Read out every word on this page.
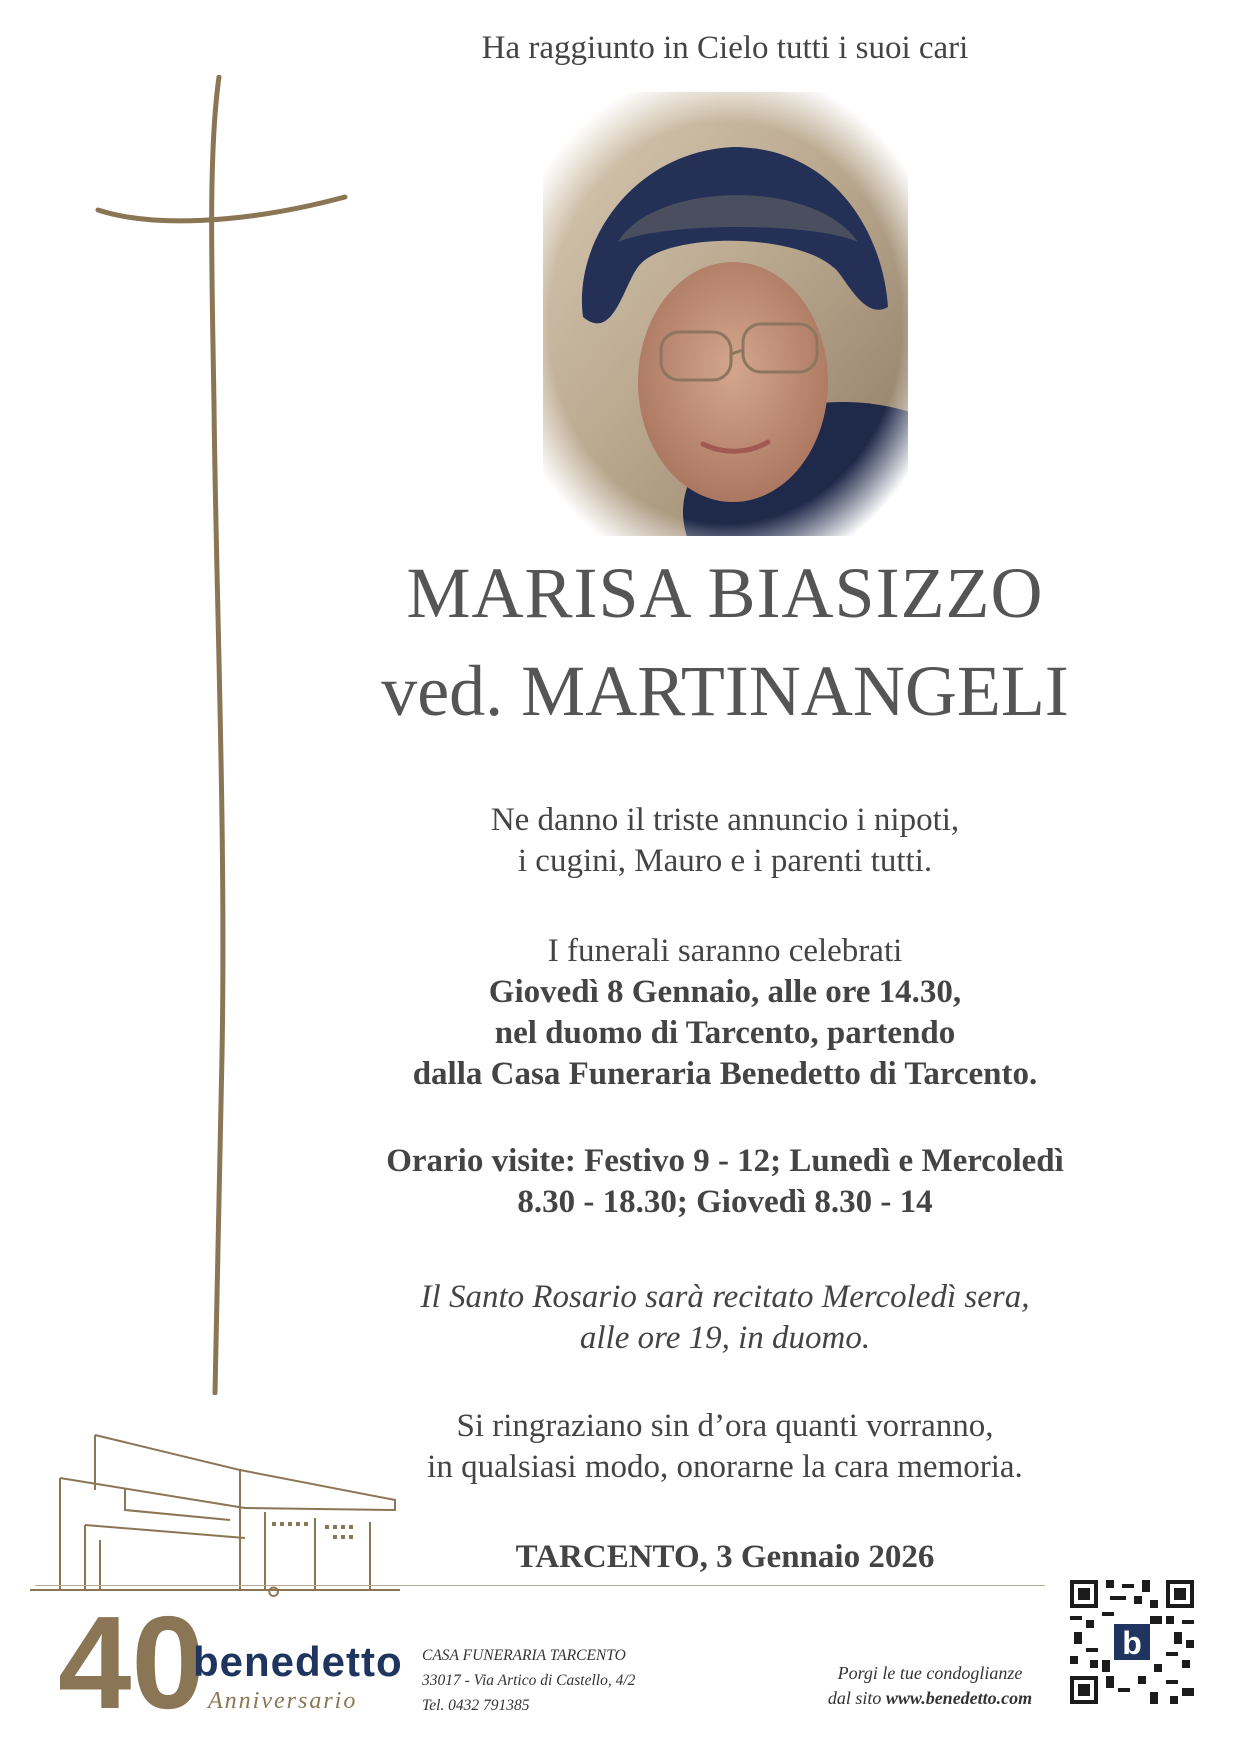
Ha raggiunto in Cielo tutti i suoi cari
MARISA BIASIZZO
ved. MARTINANGELI
Ne danno il triste annuncio i nipoti,
i cugini, Mauro e i parenti tutti.
I funerali saranno celebrati
Giovedì 8 Gennaio, alle ore 14.30,
nel duomo di Tarcento, partendo
dalla Casa Funeraria Benedetto di Tarcento.
Orario visite: Festivo 9 - 12; Lunedì e Mercoledì
8.30 - 18.30; Giovedì 8.30 - 14
Il Santo Rosario sarà recitato Mercoledì sera,
alle ore 19, in duomo.
Si ringraziano sin d’ora quanti vorranno,
in qualsiasi modo, onorarne la cara memoria.
TARCENTO, 3 Gennaio 2026
40 °
benedetto
Anniversario
CASA FUNERARIA TARCENTO
33017 - Via Artico di Castello, 4/2
Tel. 0432 791385
Porgi le tue condoglianze
dal sito www.benedetto.com
b
